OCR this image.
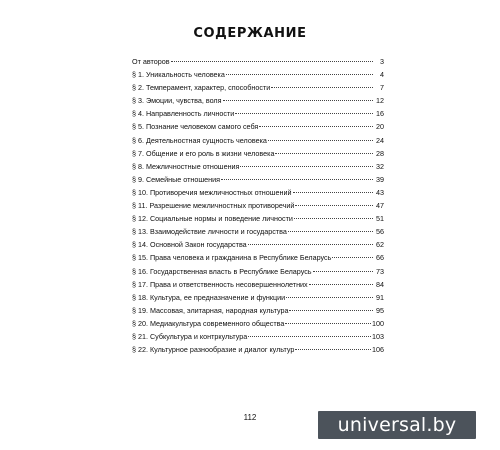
СОДЕРЖАНИЕ
От авторов	3
§ 1. Уникальность человека	4
§ 2. Темперамент, характер, способности	7
§ 3. Эмоции, чувства, воля	12
§ 4. Направленность личности	16
§ 5. Познание человеком самого себя	20
§ 6. Деятельностная сущность человека	24
§ 7. Общение и его роль в жизни человека	28
§ 8. Межличностные отношения	32
§ 9. Семейные отношения	39
§ 10. Противоречия межличностных отношений	43
§ 11. Разрешение межличностных противоречий	47
§ 12. Социальные нормы и поведение личности	51
§ 13. Взаимодействие личности и государства	56
§ 14. Основной Закон государства	62
§ 15. Права человека и гражданина в Республике Беларусь	66
§ 16. Государственная власть в Республике Беларусь	73
§ 17. Права и ответственность несовершеннолетних	84
§ 18. Культура, ее предназначение и функции	91
§ 19. Массовая, элитарная, народная культура	95
§ 20. Медиакультура современного общества	100
§ 21. Субкультура и контркультура	103
§ 22. Культурное разнообразие и диалог культур	106
112	universal.by
